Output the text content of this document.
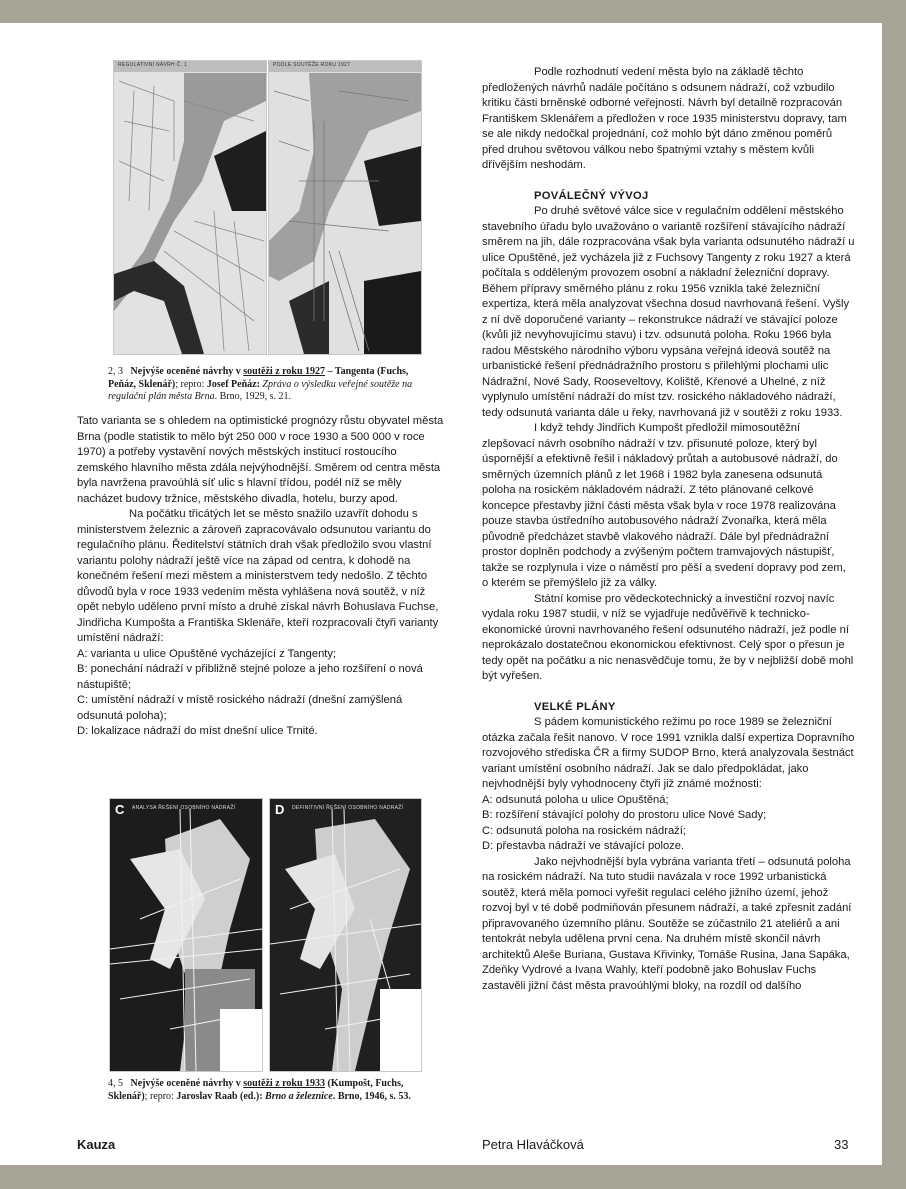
REGULATIVNÍ NÁVRH Č. 1	PODLE SOUTĚŽE ROKU 1927
2, 3 Nejvýše oceněné návrhy v soutěži z roku 1927 – Tangenta (Fuchs, Peňáz, Sklenář); repro: Josef Peňáz: Zpráva o výsledku veřejné soutěže na regulační plán města Brna. Brno, 1929, s. 21.

Tato varianta se s ohledem na optimistické prognózy růstu obyvatel města Brna (podle statistik to mělo být 250 000 v roce 1930 a 500 000 v roce 1970) a potřeby vystavění nových městských institucí rostoucího zemského hlavního města zdála nejvýhodnější. Směrem od centra města byla navržena pravoúhlá síť ulic s hlavní třídou, podél níž se měly nacházet budovy tržnice, městského divadla, hotelu, burzy apod.

Na počátku třicátých let se město snažilo uzavřít dohodu s ministerstvem železnic a zároveň zapracovávalo odsunutou variantu do regulačního plánu. Ředitelství státních drah však předložilo svou vlastní variantu polohy nádraží ještě více na západ od centra, k dohodě na konečném řešení mezi městem a ministerstvem tedy nedošlo. Z těchto důvodů byla v roce 1933 vedením města vyhlášena nová soutěž, v níž opět nebylo uděleno první místo a druhé získal návrh Bohuslava Fuchse, Jindřicha Kumpošta a Františka Sklenáře, kteří rozpracovali čtyři varianty umístění nádraží:

A: varianta u ulice Opuštěné vycházející z Tangenty;

B: ponechání nádraží v přibližně stejné poloze a jeho rozšíření o nová nástupiště;

C: umístění nádraží v místě rosického nádraží (dnešní zamýšlená odsunutá poloha);

D: lokalizace nádraží do míst dnešní ulice Trnité.

C ANALYSA ŘEŠENÍ OSOBNÍHO NÁDRAŽÍ	D DEFINITIVNÍ ŘEŠENÍ OSOBNÍHO NÁDRAŽÍ
4, 5 Nejvýše oceněné návrhy v soutěži z roku 1933 (Kumpošt, Fuchs, Sklenář); repro: Jaroslav Raab (ed.): Brno a železnice. Brno, 1946, s. 53.

Podle rozhodnutí vedení města bylo na základě těchto předložených návrhů nadále počítáno s odsunem nádraží, což vzbudilo kritiku části brněnské odborné veřejnosti. Návrh byl detailně rozpracován Františkem Sklenářem a předložen v roce 1935 ministerstvu dopravy, tam se ale nikdy nedočkal projednání, což mohlo být dáno změnou poměrů před druhou světovou válkou nebo špatnými vztahy s městem kvůli dřívějším neshodám.

POVÁLEČNÝ VÝVOJ

Po druhé světové válce sice v regulačním oddělení městského stavebního úřadu bylo uvažováno o variantě rozšíření stávajícího nádraží směrem na jih, dále rozpracována však byla varianta odsunutého nádraží u ulice Opuštěné, jež vycházela již z Fuchsovy Tangenty z roku 1927 a která počítala s odděleným provozem osobní a nákladní železniční dopravy. Během přípravy směrného plánu z roku 1956 vznikla také železniční expertiza, která měla analyzovat všechna dosud navrhovaná řešení. Vyšly z ní dvě doporučené varianty – rekonstrukce nádraží ve stávající poloze (kvůli již nevyhovujícímu stavu) i tzv. odsunutá poloha. Roku 1966 byla radou Městského národního výboru vypsána veřejná ideová soutěž na urbanistické řešení přednádražního prostoru s přilehlými plochami ulic Nádražní, Nové Sady, Rooseveltovy, Koliště, Křenové a Uhelné, z níž vyplynulo umístění nádraží do míst tzv. rosického nákladového nádraží, tedy odsunutá varianta dále u řeky, navrhovaná již v soutěži z roku 1933.

I když tehdy Jindřich Kumpošt předložil mimosoutěžní zlepšovací návrh osobního nádraží v tzv. přisunuté poloze, který byl úspornější a efektivně řešil i nákladový průtah a autobusové nádraží, do směrných územních plánů z let 1968 i 1982 byla zanesena odsunutá poloha na rosickém nákladovém nádraží. Z této plánované celkové koncepce přestavby jižní části města však byla v roce 1978 realizována pouze stavba ústředního autobusového nádraží Zvonařka, která měla původně předcházet stavbě vlakového nádraží. Dále byl přednádražní prostor doplněn podchody a zvýšeným počtem tramvajových nástupišť, takže se rozplynula i vize o náměstí pro pěší a svedení dopravy pod zem, o kterém se přemýšlelo již za války.

Státní komise pro vědeckotechnický a investiční rozvoj navíc vydala roku 1987 studii, v níž se vyjadřuje nedůvěřivě k technicko-ekonomické úrovni navrhovaného řešení odsunutého nádraží, jež podle ní neprokázalo dostatečnou ekonomickou efektivnost. Celý spor o přesun je tedy opět na počátku a nic nenasvědčuje tomu, že by v nejbližší době mohl být vyřešen.

VELKÉ PLÁNY

S pádem komunistického režimu po roce 1989 se železniční otázka začala řešit nanovo. V roce 1991 vznikla další expertiza Dopravního rozvojového střediska ČR a firmy SUDOP Brno, která analyzovala šestnáct variant umístění osobního nádraží. Jak se dalo předpokládat, jako nejvhodnější byly vyhodnoceny čtyři již známé možnosti:

A: odsunutá poloha u ulice Opuštěná;

B: rozšíření stávající polohy do prostoru ulice Nové Sady;

C: odsunutá poloha na rosickém nádraží;

D: přestavba nádraží ve stávající poloze.

Jako nejvhodnější byla vybrána varianta třetí – odsunutá poloha na rosickém nádraží. Na tuto studii navázala v roce 1992 urbanistická soutěž, která měla pomoci vyřešit regulaci celého jižního území, jehož rozvoj byl v té době podmiňován přesunem nádraží, a také zpřesnit zadání připravovaného územního plánu. Soutěže se zúčastnilo 21 ateliérů a ani tentokrát nebyla udělena první cena. Na druhém místě skončil návrh architektů Aleše Buriana, Gustava Křivinky, Tomáše Rusina, Jana Sapáka, Zdeňky Vydrové a Ivana Wahly, kteří podobně jako Bohuslav Fuchs zastavěli jižní část města pravoúhlými bloky, na rozdíl od dalšího

Kauza	Petra Hlaváčková	33
